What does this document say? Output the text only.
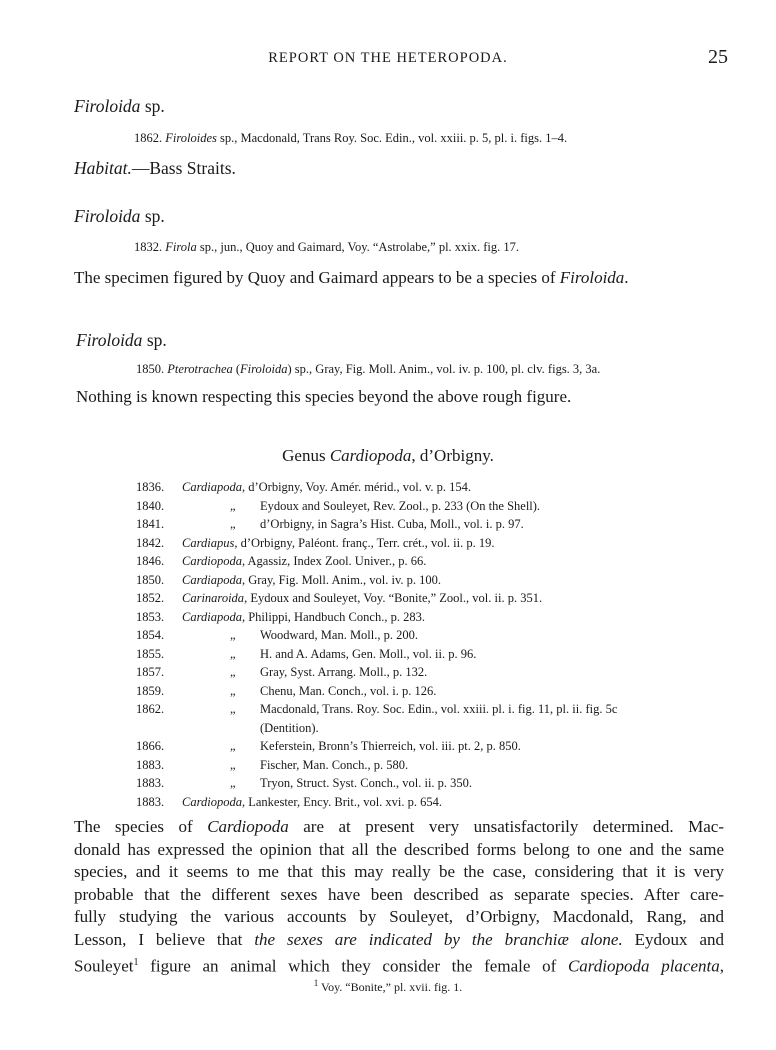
REPORT ON THE HETEROPODA.	25
Firoloida sp.
1862. Firoloides sp., Macdonald, Trans Roy. Soc. Edin., vol. xxiii. p. 5, pl. i. figs. 1–4.
Habitat.—Bass Straits.
Firoloida sp.
1832. Firola sp., jun., Quoy and Gaimard, Voy. “Astrolabe,” pl. xxix. fig. 17.
The specimen figured by Quoy and Gaimard appears to be a species of Firoloida.
Firoloida sp.
1850. Pterotrachea (Firoloida) sp., Gray, Fig. Moll. Anim., vol. iv. p. 100, pl. clv. figs. 3, 3a.
Nothing is known respecting this species beyond the above rough figure.
Genus Cardiopoda, d’Orbigny.
1836. Cardiapoda, d’Orbigny, Voy. Amér. mérid., vol. v. p. 154.
1840.	„ Eydoux and Souleyet, Rev. Zool., p. 233 (On the Shell).
1841.	„ d’Orbigny, in Sagra’s Hist. Cuba, Moll., vol. i. p. 97.
1842. Cardiapus, d’Orbigny, Paléont. franç., Terr. crét., vol. ii. p. 19.
1846. Cardiopoda, Agassiz, Index Zool. Univer., p. 66.
1850. Cardiapoda, Gray, Fig. Moll. Anim., vol. iv. p. 100.
1852. Carinaroida, Eydoux and Souleyet, Voy. “Bonite,” Zool., vol. ii. p. 351.
1853. Cardiapoda, Philippi, Handbuch Conch., p. 283.
1854.	„ Woodward, Man. Moll., p. 200.
1855.	„ H. and A. Adams, Gen. Moll., vol. ii. p. 96.
1857.	„ Gray, Syst. Arrang. Moll., p. 132.
1859.	„ Chenu, Man. Conch., vol. i. p. 126.
1862.	„ Macdonald, Trans. Roy. Soc. Edin., vol. xxiii. pl. i. fig. 11, pl. ii. fig. 5c
(Dentition).
1866.	„ Keferstein, Bronn’s Thierreich, vol. iii. pt. 2, p. 850.
1883.	„ Fischer, Man. Conch., p. 580.
1883.	„ Tryon, Struct. Syst. Conch., vol. ii. p. 350.
1883. Cardiopoda, Lankester, Ency. Brit., vol. xvi. p. 654.
The species of Cardiopoda are at present very unsatisfactorily determined. Mac-
donald has expressed the opinion that all the described forms belong to one and the same
species, and it seems to me that this may really be the case, considering that it is very
probable that the different sexes have been described as separate species. After care-
fully studying the various accounts by Souleyet, d’Orbigny, Macdonald, Rang, and
Lesson, I believe that the sexes are indicated by the branchiæ alone. Eydoux and
Souleyet$^1$ figure an animal which they consider the female of Cardiopoda placenta,
$^1$ Voy. “Bonite,” pl. xvii. fig. 1.
